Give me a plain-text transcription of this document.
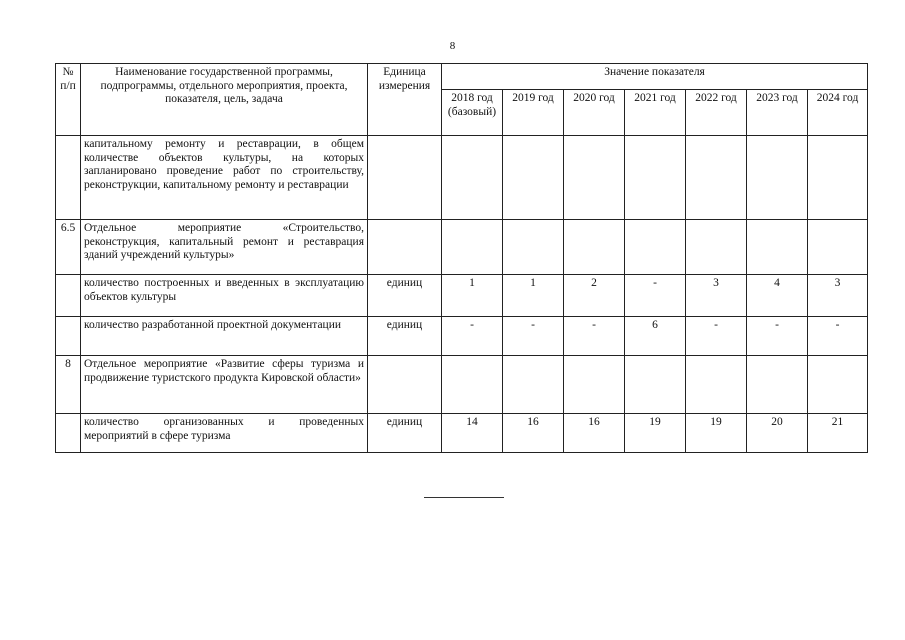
8
№ п/п	Наименование государственной программы, подпрограммы, отдельного мероприятия, проекта, показателя, цель, задача	Единица измерения	Значение показателя						
			2018 год (базовый)	2019 год	2020 год	2021 год	2022 год	2023 год	2024 год
	капитальному ремонту и реставрации, в общем количестве объектов культуры, на которых запланировано проведение работ по строительству, реконструкции, капитальному ремонту и реставрации								
6.5	Отдельное мероприятие «Строительство, реконструкция, капитальный ремонт и реставрация зданий учреждений культуры»								
	количество построенных и введенных в эксплуатацию объектов культуры	единиц	1	1	2	-	3	4	3
	количество разработанной проектной документации	единиц	-	-	-	6	-	-	-
8	Отдельное мероприятие «Развитие сферы туризма и продвижение туристского продукта Кировской области»								
	количество организованных и проведенных мероприятий в сфере туризма	единиц	14	16	16	19	19	20	21
